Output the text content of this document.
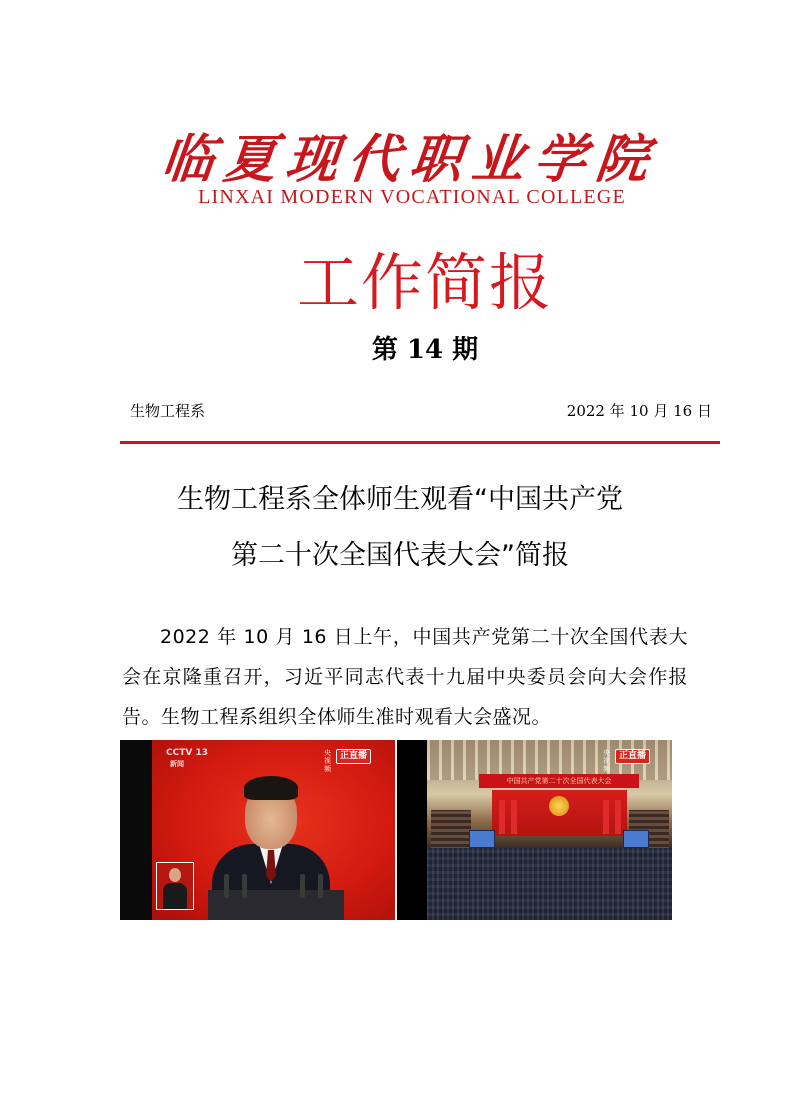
临夏现代职业学院
LINXAI MODERN VOCATIONAL COLLEGE
工作简报
第 14 期
生物工程系	2022 年 10 月 16 日
生物工程系全体师生观看“中国共产党
第二十次全国代表大会”简报
2022 年 10 月 16 日上午，中国共产党第二十次全国代表大会在京隆重召开，习近平同志代表十九届中央委员会向大会作报告。生物工程系组织全体师生准时观看大会盛况。
CCTV 13
新闻
央视频
正直播	央视频
正直播
中国共产党第二十次全国代表大会
